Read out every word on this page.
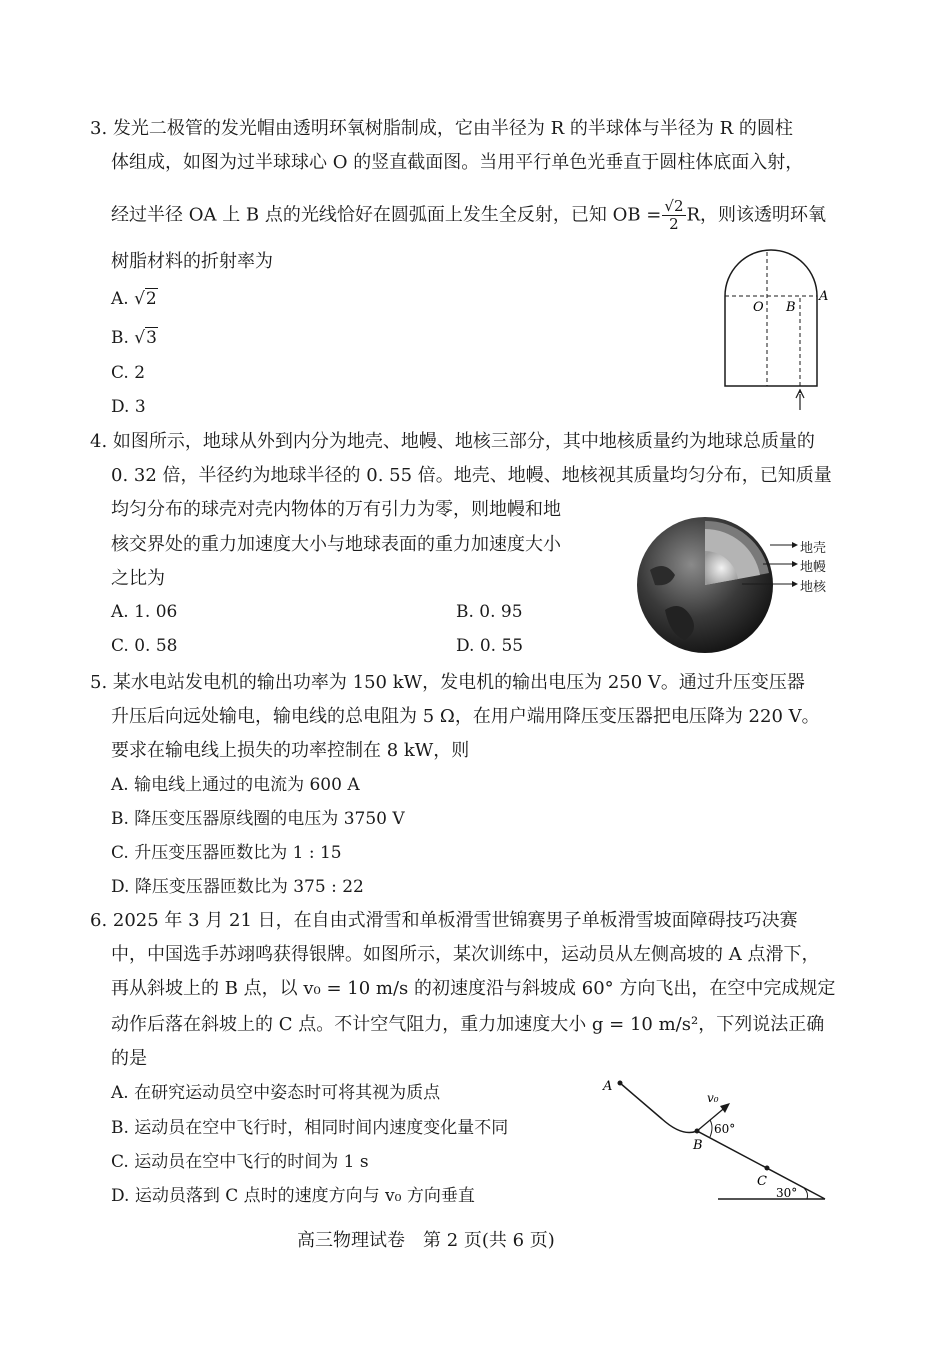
3. 发光二极管的发光帽由透明环氧树脂制成，它由半径为 R 的半球体与半径为 R 的圆柱
体组成，如图为过半球球心 O 的竖直截面图。当用平行单色光垂直于圆柱体底面入射，
经过半径 OA 上 B 点的光线恰好在圆弧面上发生全反射，已知 OB = $\frac{√2}{2}$ R，则该透明环氧
树脂材料的折射率为
A. √2
B. √3
C. 2
D. 3
O B
A
4. 如图所示，地球从外到内分为地壳、地幔、地核三部分，其中地核质量约为地球总质量的
0. 32 倍，半径约为地球半径的 0. 55 倍。地壳、地幔、地核视其质量均匀分布，已知质量
均匀分布的球壳对壳内物体的万有引力为零，则地幔和地
核交界处的重力加速度大小与地球表面的重力加速度大小
之比为
A. 1. 06	B. 0. 95
C. 0. 58	D. 0. 55
地壳
地幔
地核
5. 某水电站发电机的输出功率为 150 kW，发电机的输出电压为 250 V。通过升压变压器
升压后向远处输电，输电线的总电阻为 5 Ω，在用户端用降压变压器把电压降为 220 V。
要求在输电线上损失的功率控制在 8 kW，则
A. 输电线上通过的电流为 600 A
B. 降压变压器原线圈的电压为 3750 V
C. 升压变压器匝数比为 1 : 15
D. 降压变压器匝数比为 375 : 22
6. 2025 年 3 月 21 日，在自由式滑雪和单板滑雪世锦赛男子单板滑雪坡面障碍技巧决赛
中，中国选手苏翊鸣获得银牌。如图所示，某次训练中，运动员从左侧高坡的 A 点滑下，
再从斜坡上的 B 点，以 v₀ = 10 m/s 的初速度沿与斜坡成 60° 方向飞出，在空中完成规定
动作后落在斜坡上的 C 点。不计空气阻力，重力加速度大小 g = 10 m/s²，下列说法正确
的是
A. 在研究运动员空中姿态时可将其视为质点
B. 运动员在空中飞行时，相同时间内速度变化量不同
C. 运动员在空中飞行的时间为 1 s
D. 运动员落到 C 点时的速度方向与 v₀ 方向垂直
A
B
C
v₀
60°
30°
高三物理试卷　第 2 页(共 6 页)
